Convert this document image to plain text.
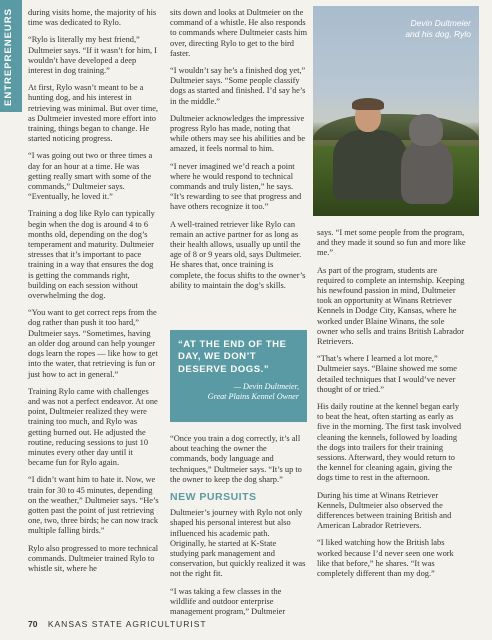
ENTREPRENEURS during visits home, the majority of his time was dedicated to Rylo.

“Rylo is literally my best friend,” Dultmeier says. “If it wasn’t for him, I wouldn’t have developed a deep interest in dog training.”

At first, Rylo wasn’t meant to be a hunting dog, and his interest in retrieving was minimal. But over time, as Dultmeier invested more effort into training, things began to change. He started noticing progress.

“I was going out two or three times a day for an hour at a time. He was getting really smart with some of the commands,” Dultmeier says. “Eventually, he loved it.”

Training a dog like Rylo can typically begin when the dog is around 4 to 6 months old, depending on the dog’s temperament and maturity. Dultmeier stresses that it’s important to pace training in a way that ensures the dog is getting the commands right, building on each session without overwhelming the dog.

“You want to get correct reps from the dog rather than push it too hard,” Dultmeier says. “Sometimes, having an older dog around can help younger dogs learn the ropes — like how to get into the water, that retrieving is fun or just how to act in general.”

Training Rylo came with challenges and was not a perfect endeavor. At one point, Dultmeier realized they were training too much, and Rylo was getting burned out. He adjusted the routine, reducing sessions to just 10 minutes every other day until it became fun for Rylo again.

“I didn’t want him to hate it. Now, we train for 30 to 45 minutes, depending on the weather,” Dultmeier says. “He’s gotten past the point of just retrieving one, two, three birds; he can now track multiple falling birds.”

Rylo also progressed to more technical commands. Dultmeier trained Rylo to whistle sit, where he

sits down and looks at Dultmeier on the command of a whistle. He also responds to commands where Dultmeier casts him over, directing Rylo to get to the bird faster.

“I wouldn’t say he’s a finished dog yet,” Dultmeier says. “Some people classify dogs as started and finished. I’d say he’s in the middle.”

Dultmeier acknowledges the impressive progress Rylo has made, noting that while others may see his abilities and be amazed, it feels normal to him.

“I never imagined we’d reach a point where he would respond to technical commands and truly listen,” he says. “It’s rewarding to see that progress and have others recognize it too.”

A well-trained retriever like Rylo can remain an active partner for as long as their health allows, usually up until the age of 8 or 9 years old, says Dultmeier. He shares that, once training is complete, the focus shifts to the owner’s ability to maintain the dog’s skills.

“AT THE END OF THE DAY, WE DON’T DESERVE DOGS.”
— Devin Dultmeier,
Great Plains Kennel Owner

“Once you train a dog correctly, it’s all about teaching the owner the commands, body language and techniques,” Dultmeier says. “It’s up to the owner to keep the dog sharp.”

NEW PURSUITS

Dultmeier’s journey with Rylo not only shaped his personal interest but also influenced his academic path. Originally, he started at K-State studying park management and conservation, but quickly realized it was not the right fit.

“I was taking a few classes in the wildlife and outdoor enterprise management program,” Dultmeier

Devin Dultmeier
and his dog, Rylo

says. “I met some people from the program, and they made it sound so fun and more like me.”

As part of the program, students are required to complete an internship. Keeping his newfound passion in mind, Dultmeier took an opportunity at Winans Retriever Kennels in Dodge City, Kansas, where he worked under Blaine Winans, the sole owner who sells and trains British Labrador Retrievers.

“That’s where I learned a lot more,” Dultmeier says. “Blaine showed me some detailed techniques that I would’ve never thought of or tried.”

His daily routine at the kennel began early to beat the heat, often starting as early as five in the morning. The first task involved cleaning the kennels, followed by loading the dogs into trailers for their training sessions. Afterward, they would return to the kennel for cleaning again, giving the dogs time to rest in the afternoon.

During his time at Winans Retriever Kennels, Dultmeier also observed the differences between training British and American Labrador Retrievers.

“I liked watching how the British labs worked because I’d never seen one work like that before,” he shares. “It was completely different than my dog.”

70 KANSAS STATE AGRICULTURIST
